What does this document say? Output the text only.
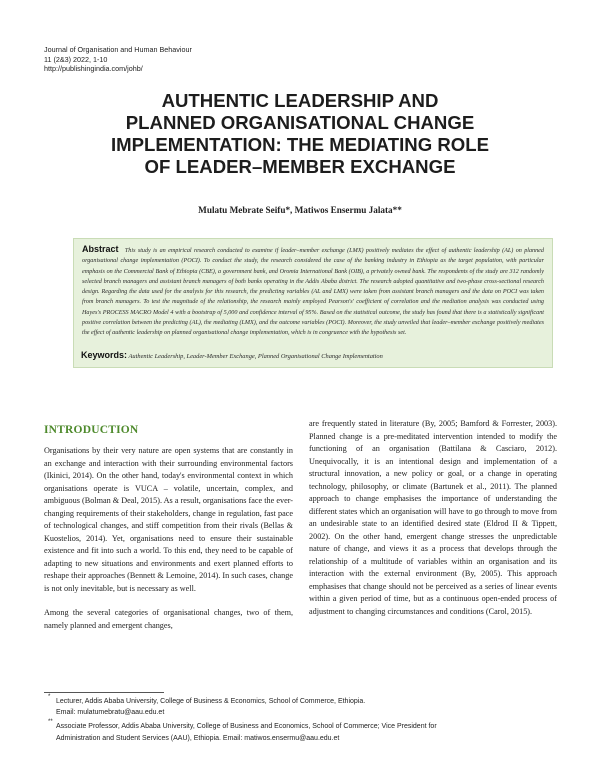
Journal of Organisation and Human Behaviour
11 (2&3) 2022, 1-10
http://publishingindia.com/johb/
AUTHENTIC LEADERSHIP AND
PLANNED ORGANISATIONAL CHANGE
IMPLEMENTATION: THE MEDIATING ROLE
OF LEADER–MEMBER EXCHANGE
Mulatu Mebrate Seifu*, Matiwos Ensermu Jalata**
Abstract This study is an empirical research conducted to examine if leader–member exchange (LMX) positively mediates the effect of authentic leadership (AL) on planned organisational change implementation (POCI). To conduct the study, the research considered the case of the banking industry in Ethiopia as the target population, with particular emphasis on the Commercial Bank of Ethiopia (CBE), a government bank, and Oromia International Bank (OIB), a privately owned bank. The respondents of the study are 312 randomly selected branch managers and assistant branch managers of both banks operating in the Addis Ababa district. The research adopted quantitative and two-phase cross-sectional research design. Regarding the data used for the analysis for this research, the predicting variables (AL and LMX) were taken from assistant branch managers and the data on POCI was taken from branch managers. To test the magnitude of the relationship, the research mainly employed Pearson's' coefficient of correlation and the mediation analysis was conducted using Hayes's PROCESS MACRO Model 4 with a bootstrap of 5,000 and confidence interval of 95%. Based on the statistical outcome, the study has found that there is a statistically significant positive correlation between the predicting (AL), the mediating (LMX), and the outcome variables (POCI). Moreover, the study unveiled that leader–member exchange positively mediates the effect of authentic leadership on planned organisational change implementation, which is in congruence with the hypothesis set.
Keywords: Authentic Leadership, Leader-Member Exchange, Planned Organisational Change Implementation
INTRODUCTION

Organisations by their very nature are open systems that are constantly in an exchange and interaction with their surrounding environmental factors (Ikinici, 2014). On the other hand, today's environmental context in which organisations operate is VUCA – volatile, uncertain, complex, and ambiguous (Bolman & Deal, 2015). As a result, organisations face the ever-changing requirements of their stakeholders, change in regulation, fast pace of technological changes, and stiff competition from their rivals (Bellas & Kuostelios, 2014). Yet, organisations need to ensure their sustainable existence and fit into such a world. To this end, they need to be capable of adapting to new situations and environments and exert planned efforts to reshape their approaches (Bennett & Lemoine, 2014). In such cases, change is not only inevitable, but is necessary as well.

Among the several categories of organisational changes, two of them, namely planned and emergent changes,

are frequently stated in literature (By, 2005; Bamford & Forrester, 2003). Planned change is a pre-meditated intervention intended to modify the functioning of an organisation (Battilana & Casciaro, 2012). Unequivocally, it is an intentional design and implementation of a structural innovation, a new policy or goal, or a change in operating technology, philosophy, or climate (Bartunek et al., 2011). The planned approach to change emphasises the importance of understanding the different states which an organisation will have to go through to move from an undesirable state to an identified desired state (Eldrod II & Tippett, 2002). On the other hand, emergent change stresses the unpredictable nature of change, and views it as a process that develops through the relationship of a multitude of variables within an organisation and its interaction with the external environment (By, 2005). This approach emphasises that change should not be perceived as a series of linear events within a given period of time, but as a continuous open-ended process of adjustment to changing circumstances and conditions (Carol, 2015).

*
Lecturer, Addis Ababa University, College of Business & Economics, School of Commerce, Ethiopia.
Email: mulatumebratu@aau.edu.et
**
Associate Professor, Addis Ababa University, College of Business and Economics, School of Commerce; Vice President for
Administration and Student Services (AAU), Ethiopia. Email: matiwos.ensermu@aau.edu.et
